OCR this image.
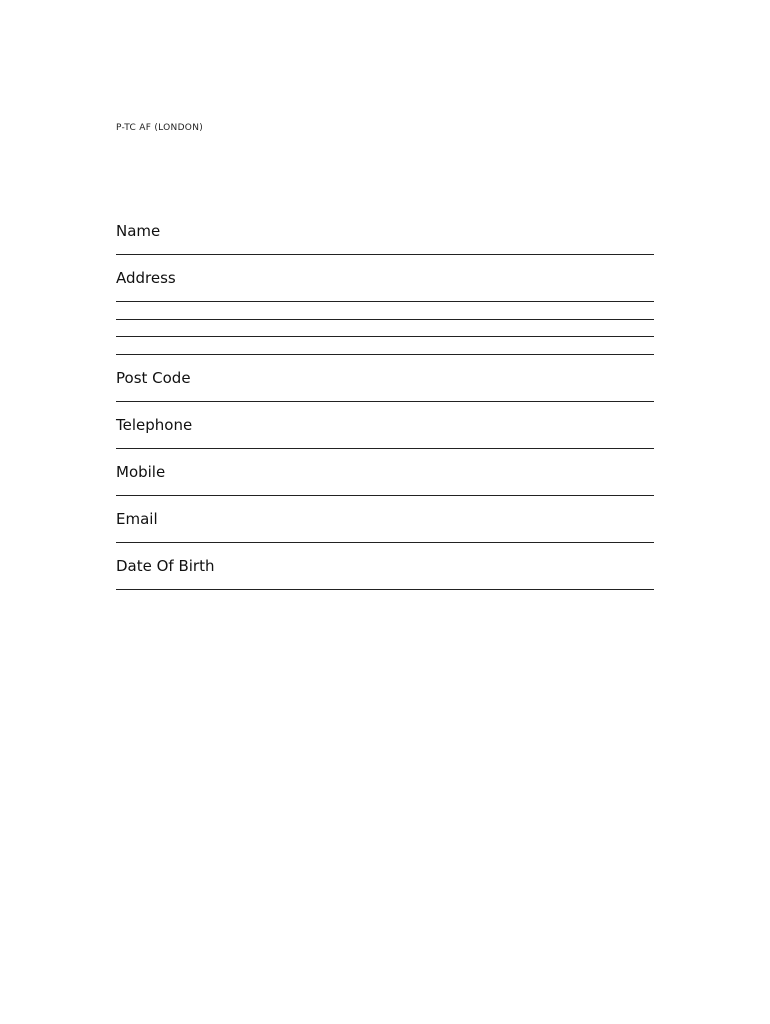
P-TC AF (LONDON)
Name
Address
Post Code
Telephone
Mobile
Email
Date Of Birth
